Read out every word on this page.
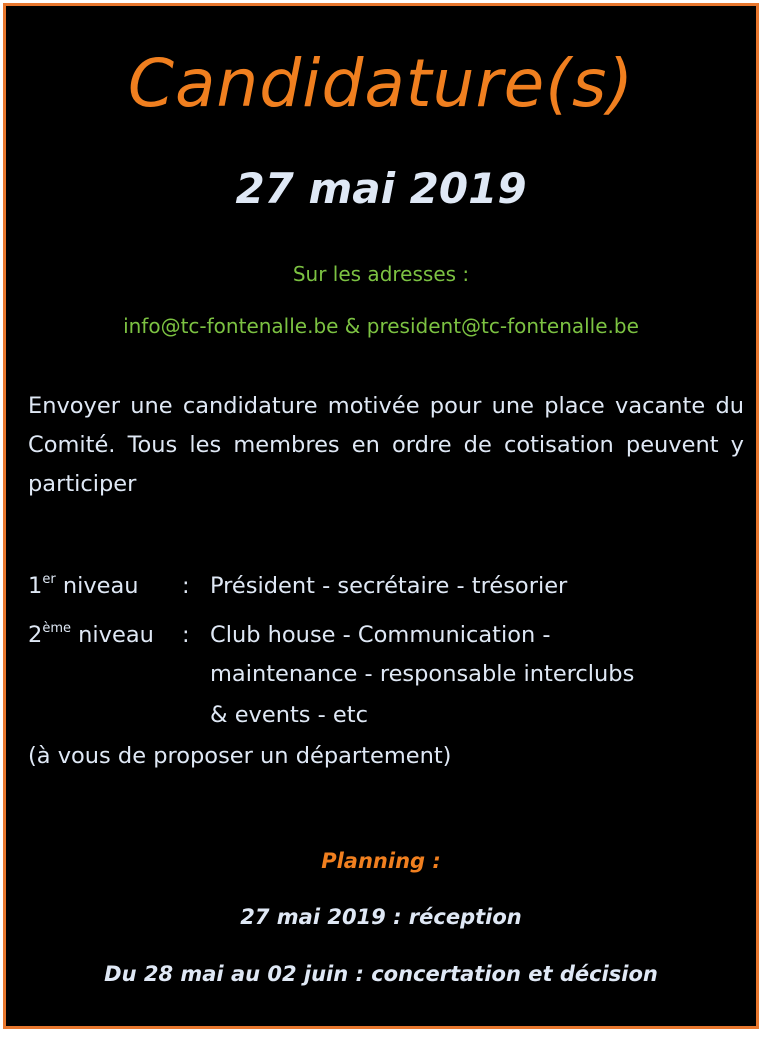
Candidature(s)
27 mai 2019
Sur les adresses :
info@tc-fontenalle.be & president@tc-fontenalle.be
Envoyer une candidature motivée pour une place vacante du Comité. Tous les membres en ordre de cotisation peuvent y participer
1er niveau : Président - secrétaire - trésorier
2ème niveau : Club house - Communication -
maintenance - responsable interclubs
& events - etc
(à vous de proposer un département)
Planning :
27 mai 2019 : réception
Du 28 mai au 02 juin : concertation et décision
